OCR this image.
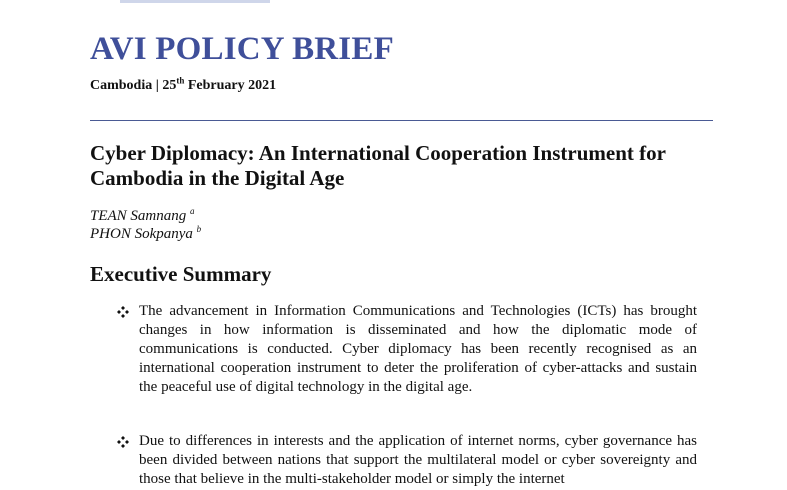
AVI POLICY BRIEF
Cambodia | 25th February 2021
Cyber Diplomacy: An International Cooperation Instrument for Cambodia in the Digital Age
TEAN Samnang $^a$
PHON Sokpanya $^b$
Executive Summary
The advancement in Information Communications and Technologies (ICTs) has brought changes in how information is disseminated and how the diplomatic mode of communications is conducted. Cyber diplomacy has been recently recognised as an international cooperation instrument to deter the proliferation of cyber-attacks and sustain the peaceful use of digital technology in the digital age.
Due to differences in interests and the application of internet norms, cyber governance has been divided between nations that support the multilateral model or cyber sovereignty and those that believe in the multi-stakeholder model or simply the internet
